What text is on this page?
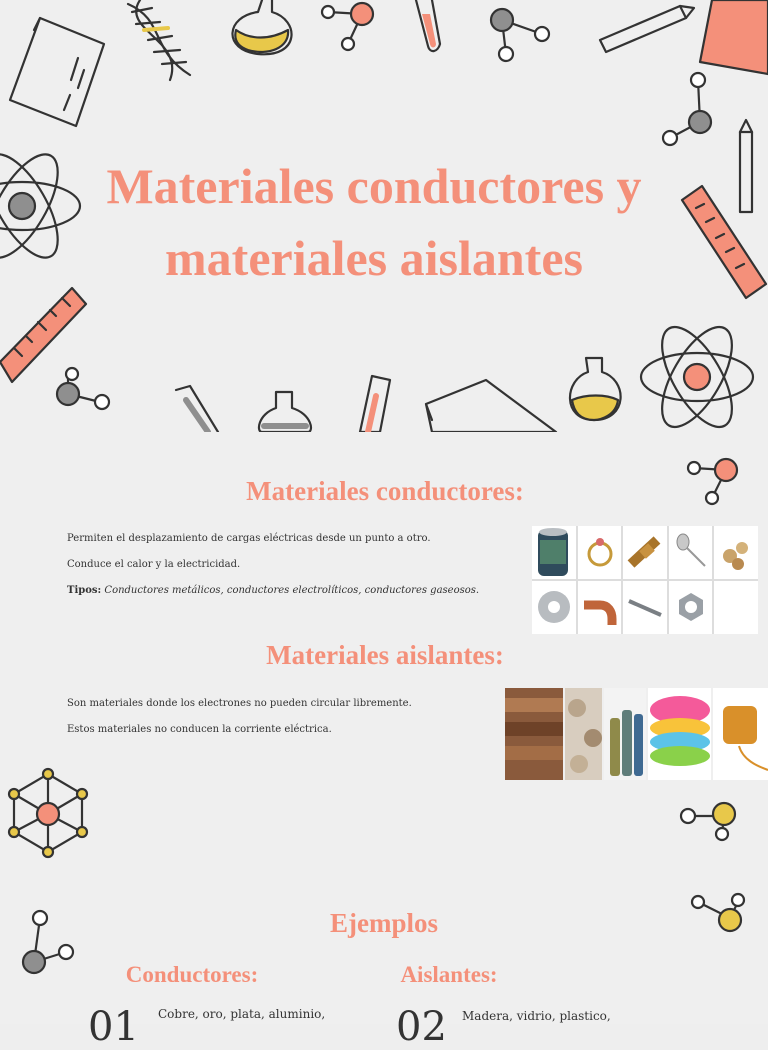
Materiales conductores y materiales aislantes
Materiales conductores:

Permiten el desplazamiento de cargas eléctricas desde un punto a otro.

Conduce el calor y la electricidad.

Tipos: Conductores metálicos, conductores electrolíticos, conductores gaseosos.

Materiales aislantes:

Son materiales donde los electrones no pueden circular libremente.

Estos materiales no conducen la corriente eléctrica.

Ejemplos
Conductores:	Aislantes:
01 Cobre, oro, plata, aluminio, 02 Madera, vidrio, plastico,
